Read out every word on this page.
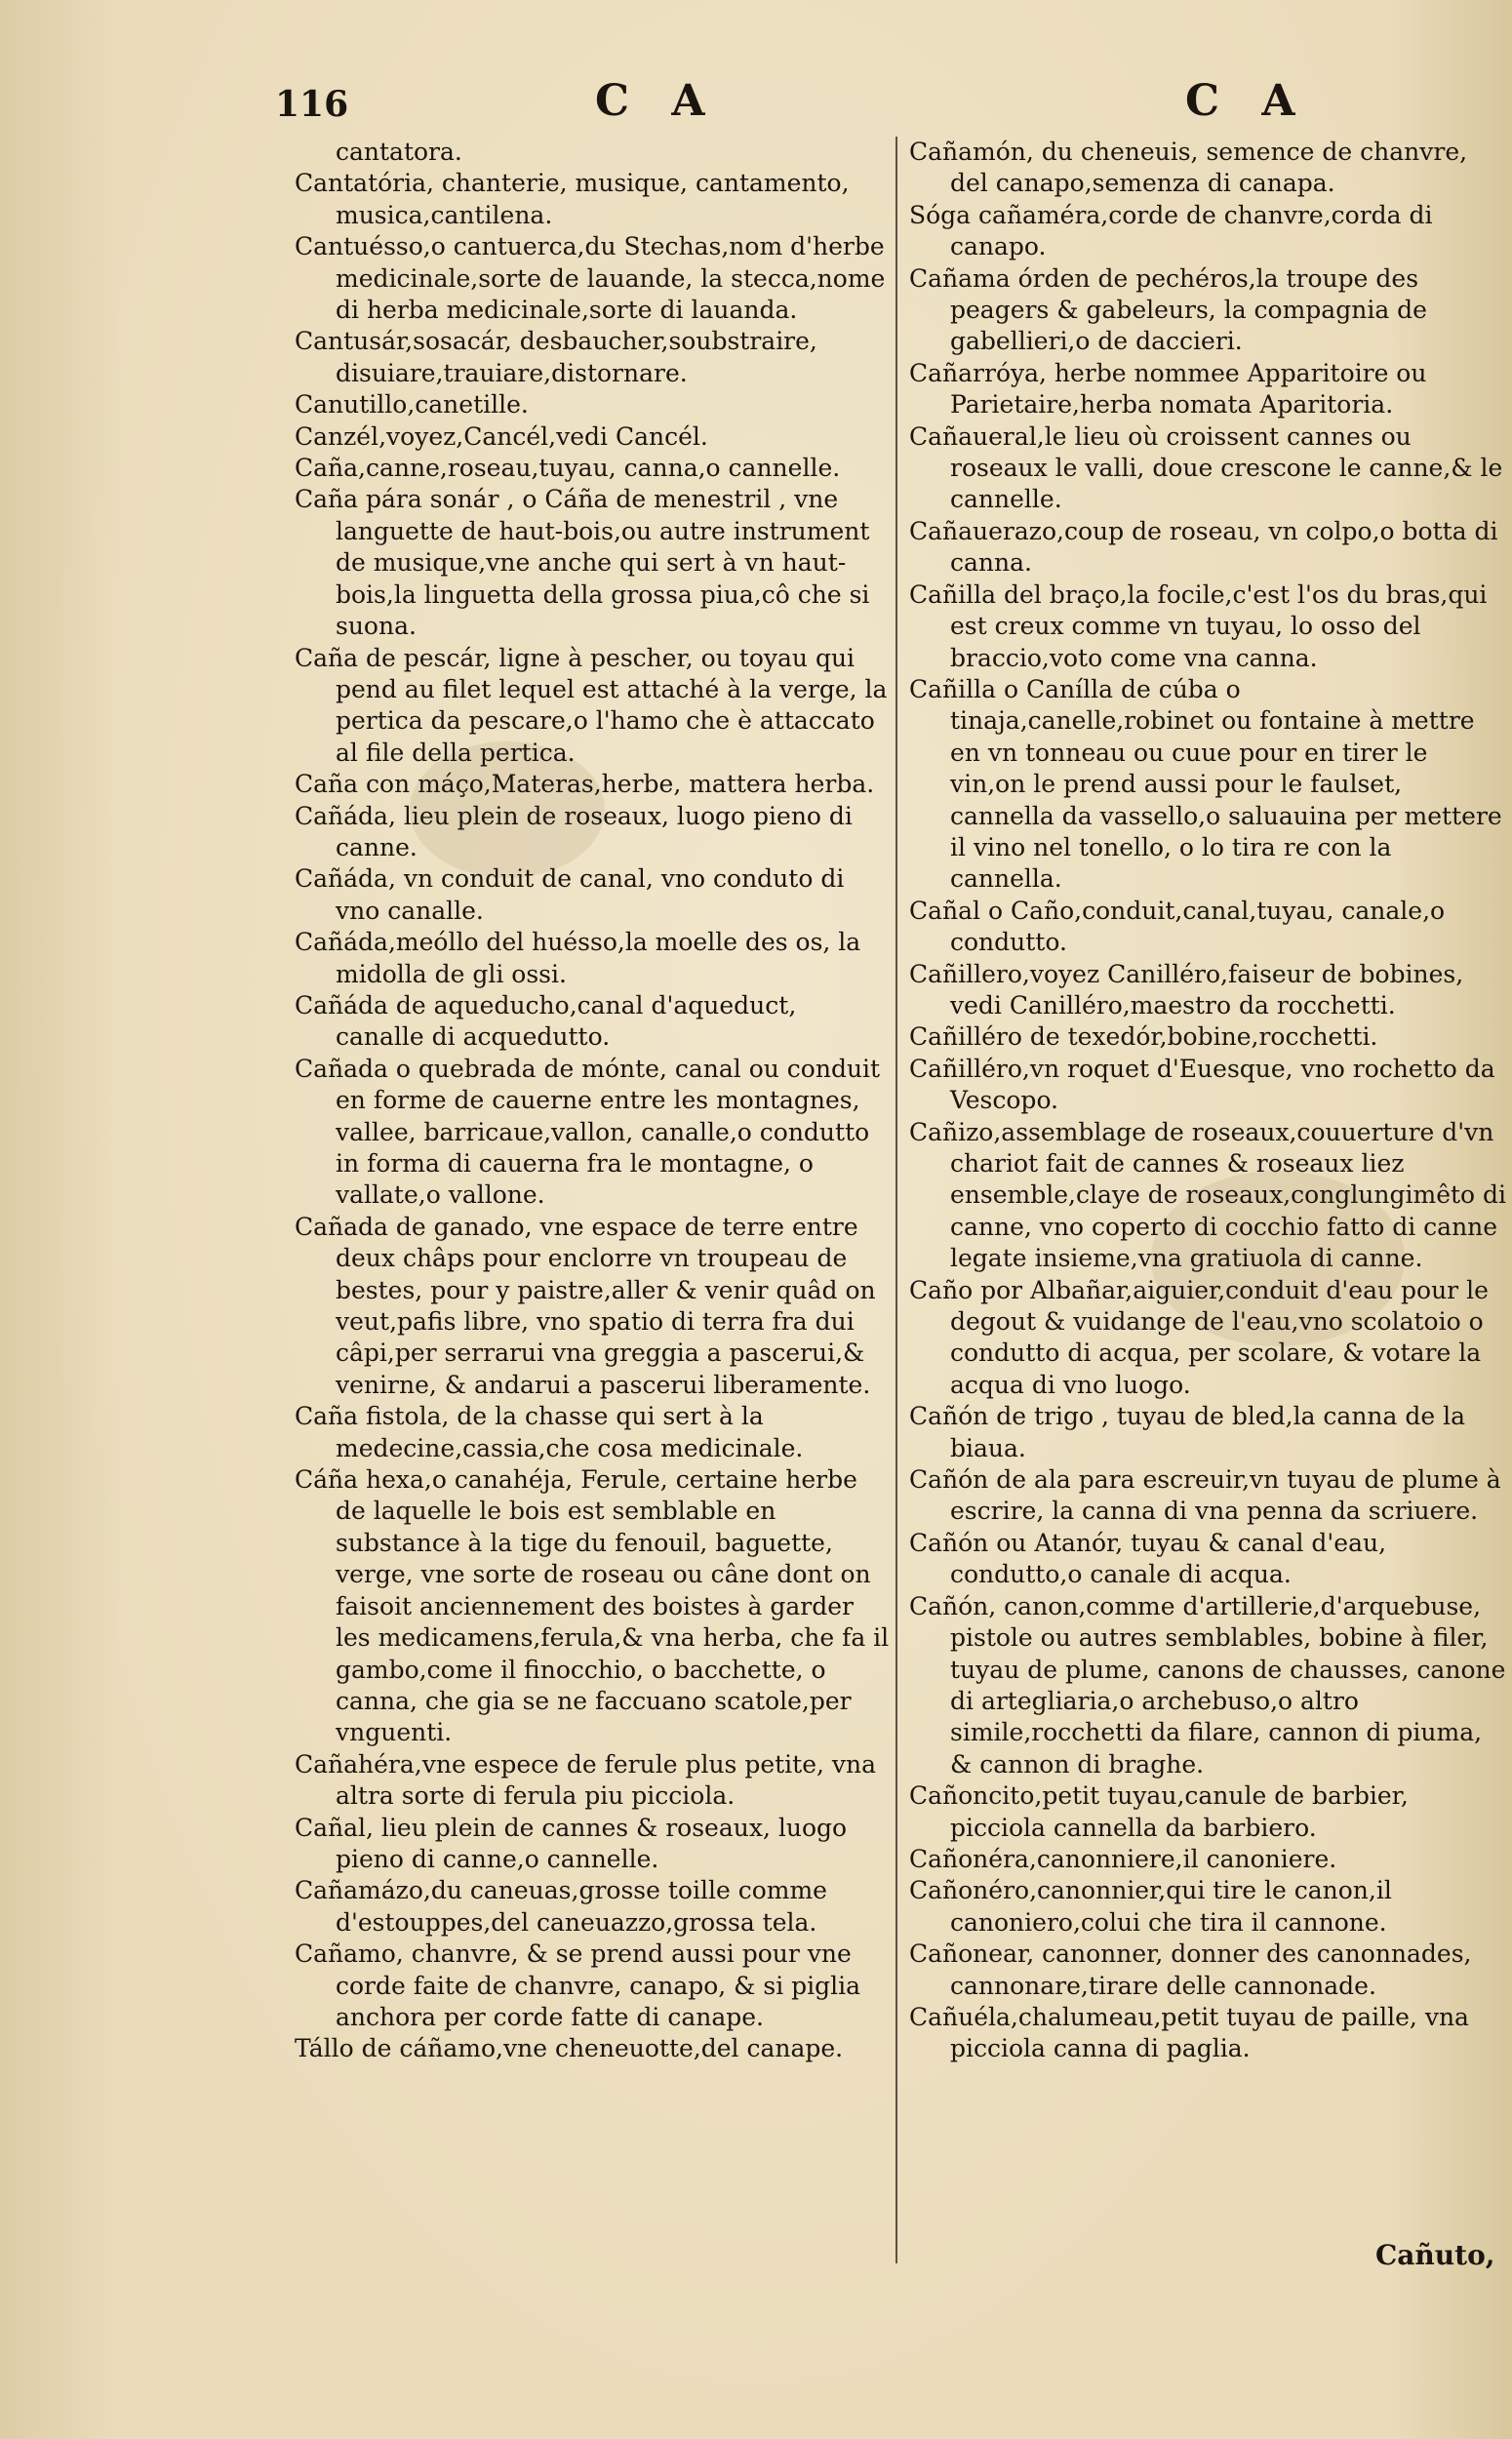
116	C A	C A

cantatora.

Cantatória, chanterie, musique, cantamento, musica,cantilena.

Cantuésso,o cantuerca,du Stechas,nom d'herbe medicinale,sorte de lauande, la stecca,nome di herba medicinale,sorte di lauanda.

Cantusár,sosacár, desbaucher,soubstraire, disuiare,trauiare,distornare.

Canutillo,canetille.

Canzél,voyez,Cancél,vedi Cancél.

Caña,canne,roseau,tuyau, canna,o cannelle.

Caña pára sonár , o Cáña de menestril , vne languette de haut-bois,ou autre instrument de musique,vne anche qui sert à vn haut-bois,la linguetta della grossa piua,cô che si suona.

Caña de pescár, ligne à pescher, ou toyau qui pend au filet lequel est attaché à la verge, la pertica da pescare,o l'hamo che è attaccato al file della pertica.

Caña con máço,Materas,herbe, mattera herba.

Cañáda, lieu plein de roseaux, luogo pieno di canne.

Cañáda, vn conduit de canal, vno conduto di vno canalle.

Cañáda,meóllo del huésso,la moelle des os, la midolla de gli ossi.

Cañáda de aqueducho,canal d'aqueduct, canalle di acquedutto.

Cañada o quebrada de mónte, canal ou conduit en forme de cauerne entre les montagnes, vallee, barricaue,vallon, canalle,o condutto in forma di cauerna fra le montagne, o vallate,o vallone.

Cañada de ganado, vne espace de terre entre deux châps pour enclorre vn troupeau de bestes, pour y paistre,aller & venir quâd on veut,pafis libre, vno spatio di terra fra dui câpi,per serrarui vna greggia a pascerui,& venirne, & andarui a pascerui liberamente.

Caña fistola, de la chasse qui sert à la medecine,cassia,che cosa medicinale.

Cáña hexa,o canahéja, Ferule, certaine herbe de laquelle le bois est semblable en substance à la tige du fenouil, baguette, verge, vne sorte de roseau ou câne dont on faisoit anciennement des boistes à garder les medicamens,ferula,& vna herba, che fa il gambo,come il finocchio, o bacchette, o canna, che gia se ne faccuano scatole,per vnguenti.

Cañahéra,vne espece de ferule plus petite, vna altra sorte di ferula piu picciola.

Cañal, lieu plein de cannes & roseaux, luogo pieno di canne,o cannelle.

Cañamázo,du caneuas,grosse toille comme d'estouppes,del caneuazzo,grossa tela.

Cañamo, chanvre, & se prend aussi pour vne corde faite de chanvre, canapo, & si piglia anchora per corde fatte di canape.

Tállo de cáñamo,vne cheneuotte,del canape.

Cañamón, du cheneuis, semence de chanvre, del canapo,semenza di canapa.

Sóga cañaméra,corde de chanvre,corda di canapo.

Cañama órden de pechéros,la troupe des peagers & gabeleurs, la compagnia de gabellieri,o de daccieri.

Cañarróya, herbe nommee Apparitoire ou Parietaire,herba nomata Aparitoria.

Cañaueral,le lieu où croissent cannes ou roseaux le valli, doue crescone le canne,& le cannelle.

Cañauerazo,coup de roseau, vn colpo,o botta di canna.

Cañilla del braço,la focile,c'est l'os du bras,qui est creux comme vn tuyau, lo osso del braccio,voto come vna canna.

Cañilla o Canílla de cúba o tinaja,canelle,robinet ou fontaine à mettre en vn tonneau ou cuue pour en tirer le vin,on le prend aussi pour le faulset, cannella da vassello,o saluauina per mettere il vino nel tonello, o lo tira re con la cannella.

Cañal o Caño,conduit,canal,tuyau, canale,o condutto.

Cañillero,voyez Canilléro,faiseur de bobines, vedi Canilléro,maestro da rocchetti.

Cañilléro de texedór,bobine,rocchetti.

Cañilléro,vn roquet d'Euesque, vno rochetto da Vescopo.

Cañizo,assemblage de roseaux,couuerture d'vn chariot fait de cannes & roseaux liez ensemble,claye de roseaux,conglungimêto di canne, vno coperto di cocchio fatto di canne legate insieme,vna gratiuola di canne.

Caño por Albañar,aiguier,conduit d'eau pour le degout & vuidange de l'eau,vno scolatoio o condutto di acqua, per scolare, & votare la acqua di vno luogo.

Cañón de trigo , tuyau de bled,la canna de la biaua.

Cañón de ala para escreuir,vn tuyau de plume à escrire, la canna di vna penna da scriuere.

Cañón ou Atanór, tuyau & canal d'eau, condutto,o canale di acqua.

Cañón, canon,comme d'artillerie,d'arquebuse, pistole ou autres semblables, bobine à filer, tuyau de plume, canons de chausses, canone di artegliaria,o archebuso,o altro simile,rocchetti da filare, cannon di piuma, & cannon di braghe.

Cañoncito,petit tuyau,canule de barbier, picciola cannella da barbiero.

Cañonéra,canonniere,il canoniere.

Cañonéro,canonnier,qui tire le canon,il canoniero,colui che tira il cannone.

Cañonear, canonner, donner des canonnades, cannonare,tirare delle cannonade.

Cañuéla,chalumeau,petit tuyau de paille, vna picciola canna di paglia.

Cañuto,
